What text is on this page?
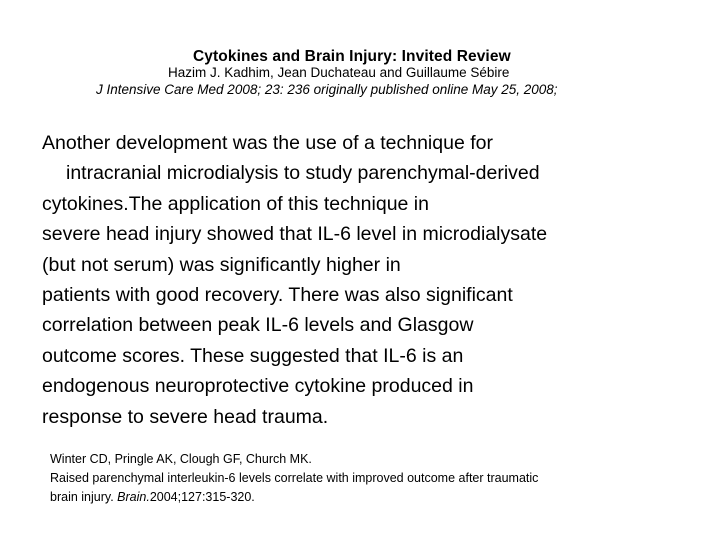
Cytokines and Brain Injury: Invited Review
Hazim J. Kadhim, Jean Duchateau and Guillaume Sébire
J Intensive Care Med 2008; 23: 236 originally published online May 25, 2008;
Another development was the use of a technique for
intracranial microdialysis to study parenchymal-derived
cytokines.The application of this technique in
severe head injury showed that IL-6 level in microdialysate
(but not serum) was significantly higher in
patients with good recovery. There was also significant
correlation between peak IL-6 levels and Glasgow
outcome scores. These suggested that IL-6 is an
endogenous neuroprotective cytokine produced in
response to severe head trauma.
Winter CD, Pringle AK, Clough GF, Church MK.
Raised parenchymal interleukin-6 levels correlate with improved outcome after traumatic
brain injury. Brain.2004;127:315-320.
